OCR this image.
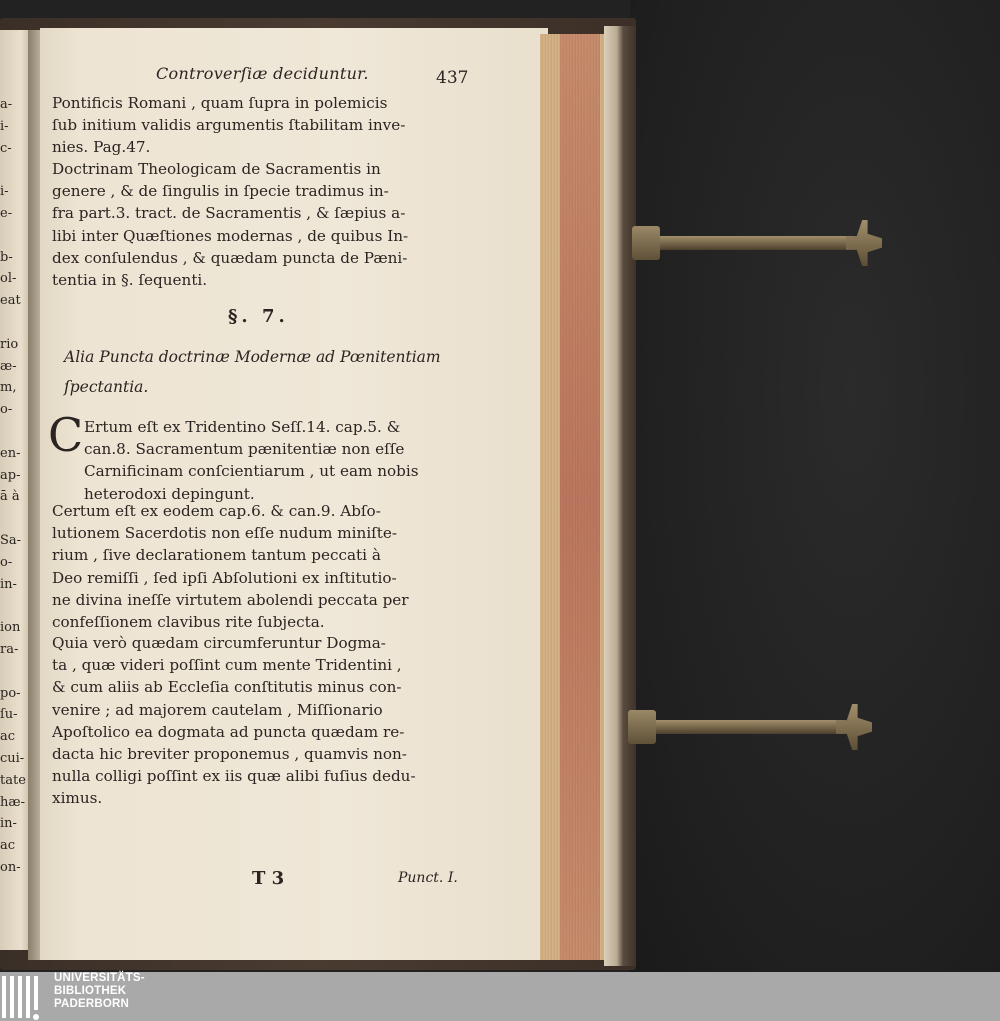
a-
i-
c-
i-
e-
b-
ol-
eat
rio
æ-
m,
o-
en-
ap-
ā à
Sa-
o-
in-
ion
ra-
po-
ſu-
ac
cui-
tate
hæ-
in-
ac
on-
Controverſiæ deciduntur.	437
Pontificis Romani , quam ſupra in polemicis
ſub initium validis argumentis ſtabilitam inve-
nies. Pag.47.
Doctrinam Theologicam de Sacramentis in
genere , & de ſingulis in ſpecie tradimus in-
fra part.3. tract. de Sacramentis , & ſæpius a-
libi inter Quæſtiones modernas , de quibus In-
dex conſulendus , & quædam puncta de Pæni-
tentia in §. ſequenti.
§. 7.
Alia Puncta doctrinæ Modernæ ad Pœnitentiam
ſpectantia.
C Ertum eſt ex Tridentino Seſſ.14. cap.5. &
can.8. Sacramentum pænitentiæ non eſſe
Carnificinam conſcientiarum , ut eam nobis
heterodoxi depingunt.
Certum eſt ex eodem cap.6. & can.9. Abſo-
lutionem Sacerdotis non eſſe nudum miniſte-
rium , ſive declarationem tantum peccati à
Deo remiſſi , ſed ipſi Abſolutioni ex inſtitutio-
ne divina ineſſe virtutem abolendi peccata per
confeſſionem clavibus rite ſubjecta.
Quia verò quædam circumferuntur Dogma-
ta , quæ videri poſſint cum mente Tridentini ,
& cum aliis ab Eccleſia conſtitutis minus con-
venire ; ad majorem cautelam , Miſſionario
Apoſtolico ea dogmata ad puncta quædam re-
dacta hic breviter proponemus , quamvis non-
nulla colligi poſſint ex iis quæ alibi fuſius dedu-
ximus.
T 3	Punct. I.
UNIVERSITÄTS-
BIBLIOTHEK
PADERBORN
